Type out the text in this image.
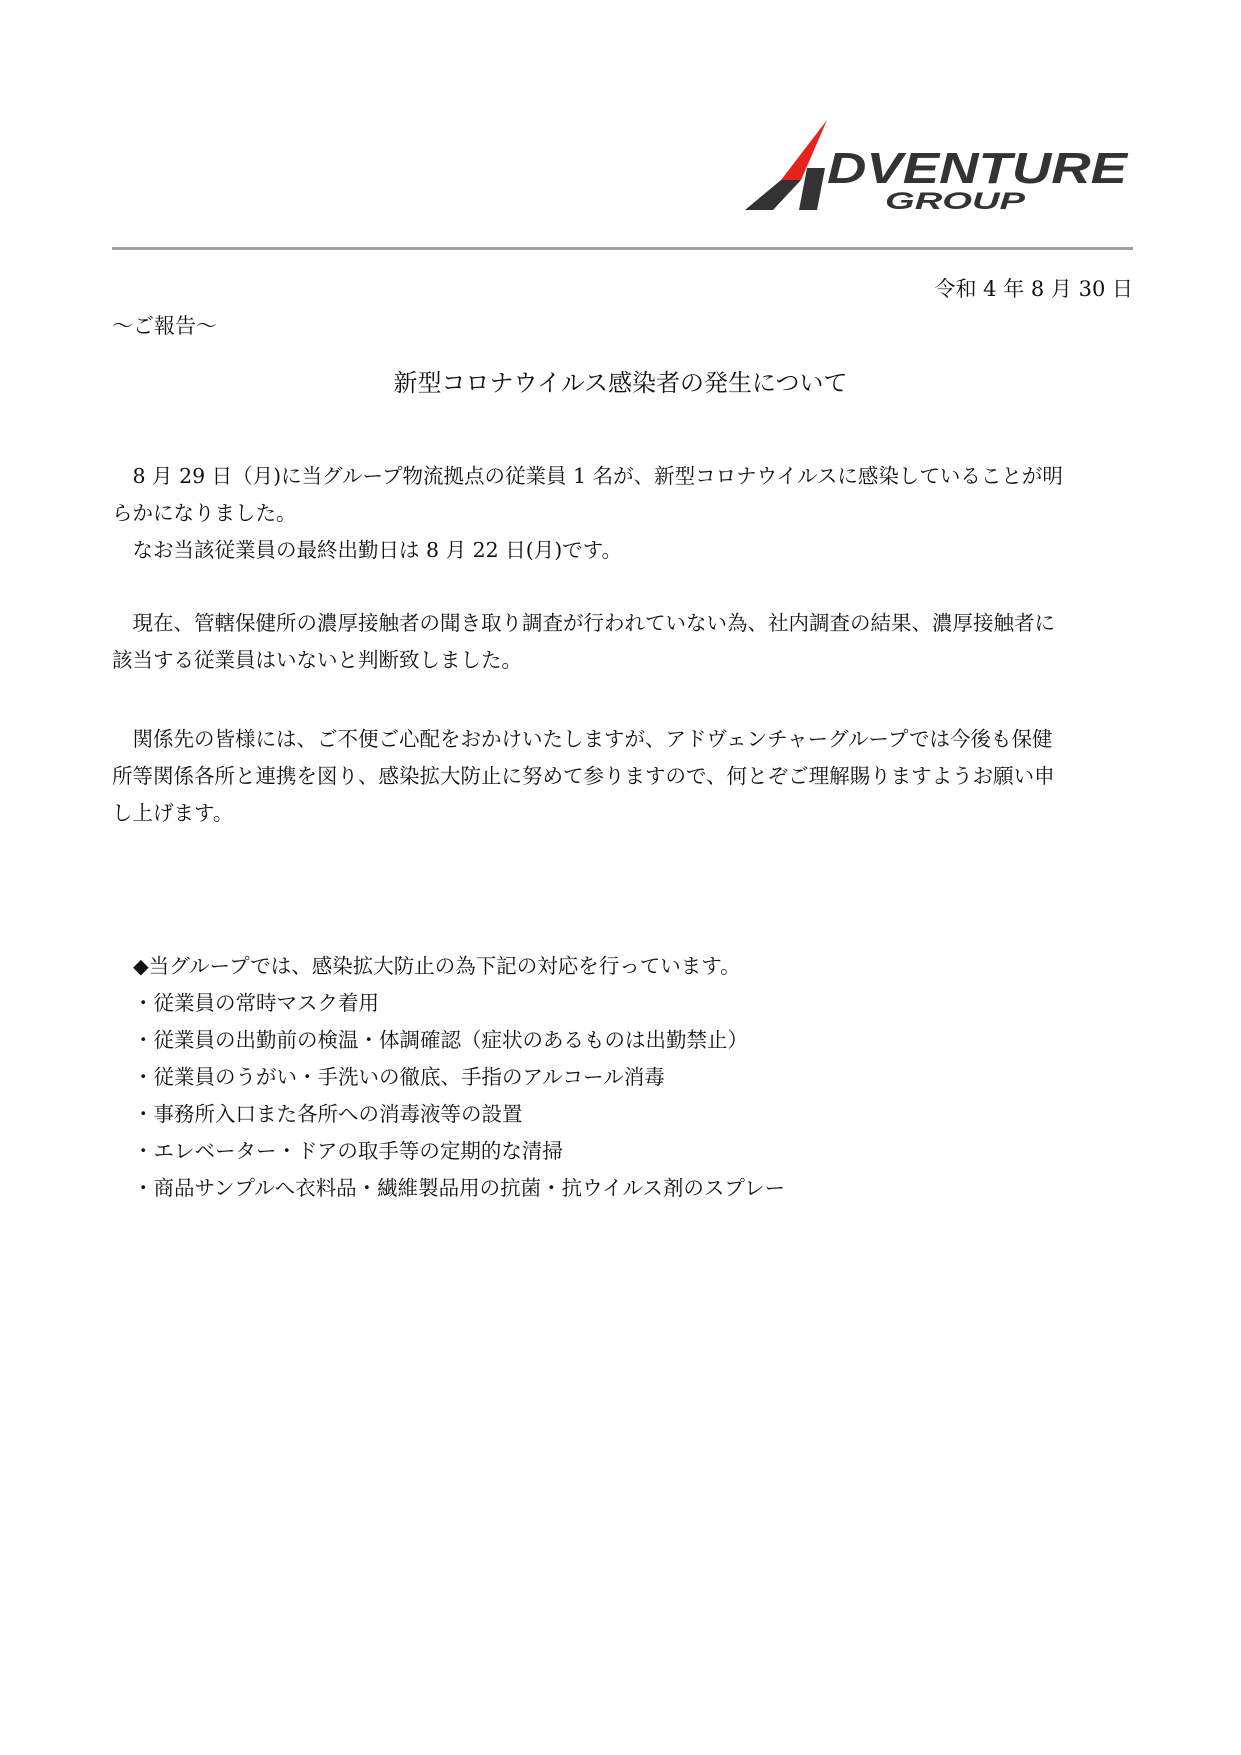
DVENTURE
GROUP
令和 4 年 8 月 30 日
〜ご報告〜
新型コロナウイルス感染者の発生について
　8 月 29 日（月)に当グループ物流拠点の従業員 1 名が、新型コロナウイルスに感染していることが明
らかになりました。
　なお当該従業員の最終出勤日は 8 月 22 日(月)です。
　現在、管轄保健所の濃厚接触者の聞き取り調査が行われていない為、社内調査の結果、濃厚接触者に
該当する従業員はいないと判断致しました。
　関係先の皆様には、ご不便ご心配をおかけいたしますが、アドヴェンチャーグループでは今後も保健
所等関係各所と連携を図り、感染拡大防止に努めて参りますので、何とぞご理解賜りますようお願い申
し上げます。
◆当グループでは、感染拡大防止の為下記の対応を行っています。
・従業員の常時マスク着用
・従業員の出勤前の検温・体調確認（症状のあるものは出勤禁止）
・従業員のうがい・手洗いの徹底、手指のアルコール消毒
・事務所入口また各所への消毒液等の設置
・エレベーター・ドアの取手等の定期的な清掃
・商品サンプルへ衣料品・繊維製品用の抗菌・抗ウイルス剤のスプレー
